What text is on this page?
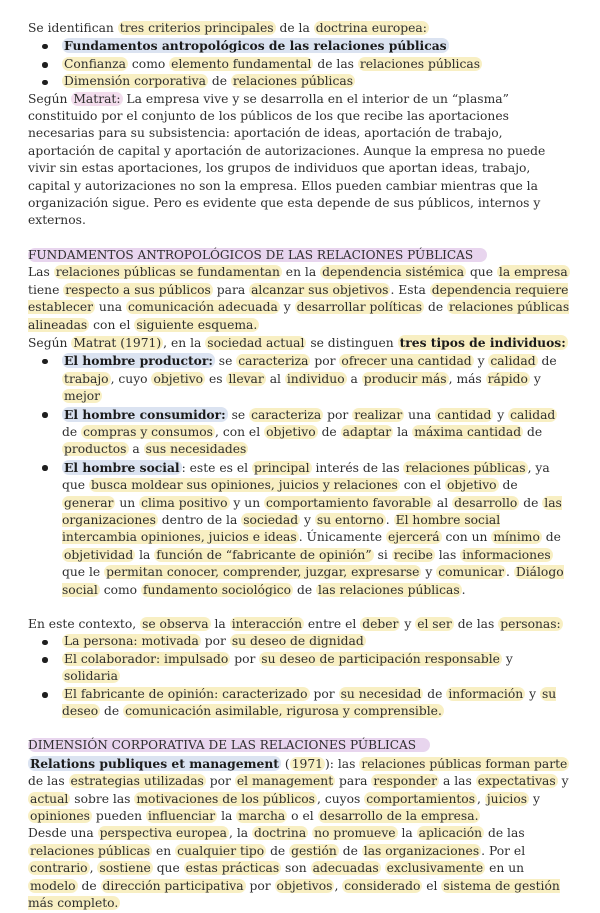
Se identifican tres criterios principales de la doctrina europea:

Fundamentos antropológicos de las relaciones públicas
Confianza como elemento fundamental de las relaciones públicas
Dimensión corporativa de relaciones públicas

Según Matrat: La empresa vive y se desarrolla en el interior de un “plasma” constituido por el conjunto de los públicos de los que recibe las aportaciones necesarias para su subsistencia: aportación de ideas, aportación de trabajo, aportación de capital y aportación de autorizaciones. Aunque la empresa no puede vivir sin estas aportaciones, los grupos de individuos que aportan ideas, trabajo, capital y autorizaciones no son la empresa. Ellos pueden cambiar mientras que la organización sigue. Pero es evidente que esta depende de sus públicos, internos y externos.

FUNDAMENTOS ANTROPOLÓGICOS DE LAS RELACIONES PÚBLICAS

Las relaciones públicas se fundamentan en la dependencia sistémica que la empresa tiene respecto a sus públicos para alcanzar sus objetivos . Esta dependencia requiere establecer una comunicación adecuada y desarrollar políticas de relaciones públicas alineadas con el siguiente esquema.

Según Matrat (1971) , en la sociedad actual se distinguen tres tipos de individuos:

El hombre productor: se caracteriza por ofrecer una cantidad y calidad de trabajo , cuyo objetivo es llevar al individuo a producir más , más rápido y mejor
El hombre consumidor: se caracteriza por realizar una cantidad y calidad de compras y consumos , con el objetivo de adaptar la máxima cantidad de productos a sus necesidades
El hombre social : este es el principal interés de las relaciones públicas , ya que busca moldear sus opiniones, juicios y relaciones con el objetivo de generar un clima positivo y un comportamiento favorable al desarrollo de las organizaciones dentro de la sociedad y su entorno . El hombre social intercambia opiniones, juicios e ideas . Únicamente ejercerá con un mínimo de objetividad la función de “fabricante de opinión” si recibe las informaciones que le permitan conocer, comprender, juzgar, expresarse y comunicar . Diálogo social como fundamento sociológico de las relaciones públicas .

En este contexto, se observa la interacción entre el deber y el ser de las personas:

La persona: motivada por su deseo de dignidad
El colaborador: impulsado por su deseo de participación responsable y solidaria
El fabricante de opinión: caracterizado por su necesidad de información y su deseo de comunicación asimilable, rigurosa y comprensible.

DIMENSIÓN CORPORATIVA DE LAS RELACIONES PÚBLICAS

Relations publiques et management ( 1971 ): las relaciones públicas forman parte de las estrategias utilizadas por el management para responder a las expectativas y actual sobre las motivaciones de los públicos , cuyos comportamientos , juicios y opiniones pueden influenciar la marcha o el desarrollo de la empresa.

Desde una perspectiva europea , la doctrina no promueve la aplicación de las relaciones públicas en cualquier tipo de gestión de las organizaciones . Por el contrario , sostiene que estas prácticas son adecuadas exclusivamente en un modelo de dirección participativa por objetivos , considerado el sistema de gestión más completo.
